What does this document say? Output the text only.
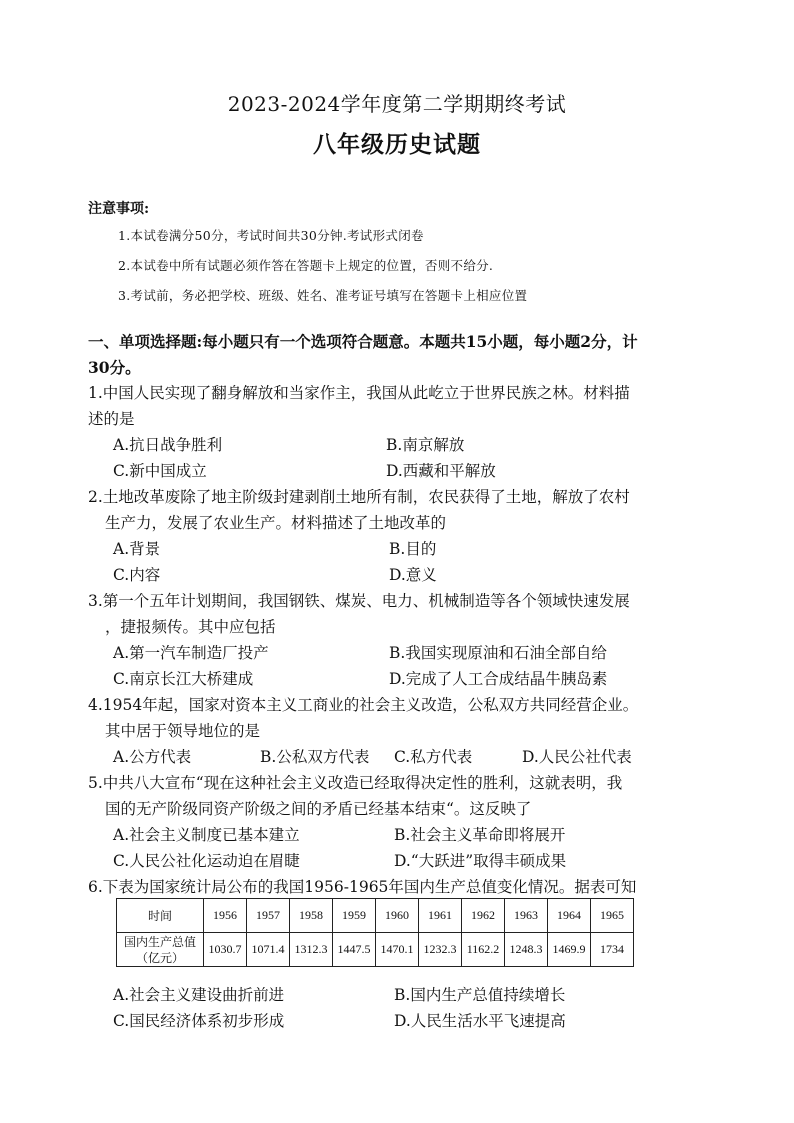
2023-2024学年度第二学期期终考试
八年级历史试题
注意事项:
1.本试卷满分50分，考试时间共30分钟.考试形式闭卷
2.本试卷中所有试题必须作答在答题卡上规定的位置，否则不给分.
3.考试前，务必把学校、班级、姓名、准考证号填写在答题卡上相应位置
一、单项选择题:每小题只有一个选项符合题意。本题共15小题，每小题2分，计
30分。
1.中国人民实现了翻身解放和当家作主，我国从此屹立于世界民族之林。材料描
述的是
A.抗日战争胜利	B.南京解放
C.新中国成立	D.西藏和平解放
2.土地改革废除了地主阶级封建剥削土地所有制，农民获得了土地，解放了农村
生产力，发展了农业生产。材料描述了土地改革的
A.背景	B.目的
C.内容	D.意义
3.第一个五年计划期间，我国钢铁、煤炭、电力、机械制造等各个领域快速发展
，捷报频传。其中应包括
A.第一汽车制造厂投产	B.我国实现原油和石油全部自给
C.南京长江大桥建成	D.完成了人工合成结晶牛胰岛素
4.1954年起，国家对资本主义工商业的社会主义改造，公私双方共同经营企业。
其中居于领导地位的是
A.公方代表	B.公私双方代表 C.私方代表	D.人民公社代表
5.中共八大宣布“现在这种社会主义改造已经取得决定性的胜利，这就表明，我
国的无产阶级同资产阶级之间的矛盾已经基本结束“。这反映了
A.社会主义制度已基本建立	B.社会主义革命即将展开
C.人民公社化运动迫在眉睫	D.“大跃进”取得丰硕成果
6.下表为国家统计局公布的我国1956-1965年国内生产总值变化情况。据表可知
时间	1956	1957	1958	1959	1960	1961	1962	1963	1964	1965

国内生产总值
（亿元）	1030.7	1071.4	1312.3	1447.5	1470.1	1232.3	1162.2	1248.3	1469.9	1734
A.社会主义建设曲折前进	B.国内生产总值持续增长
C.国民经济体系初步形成	D.人民生活水平飞速提高
